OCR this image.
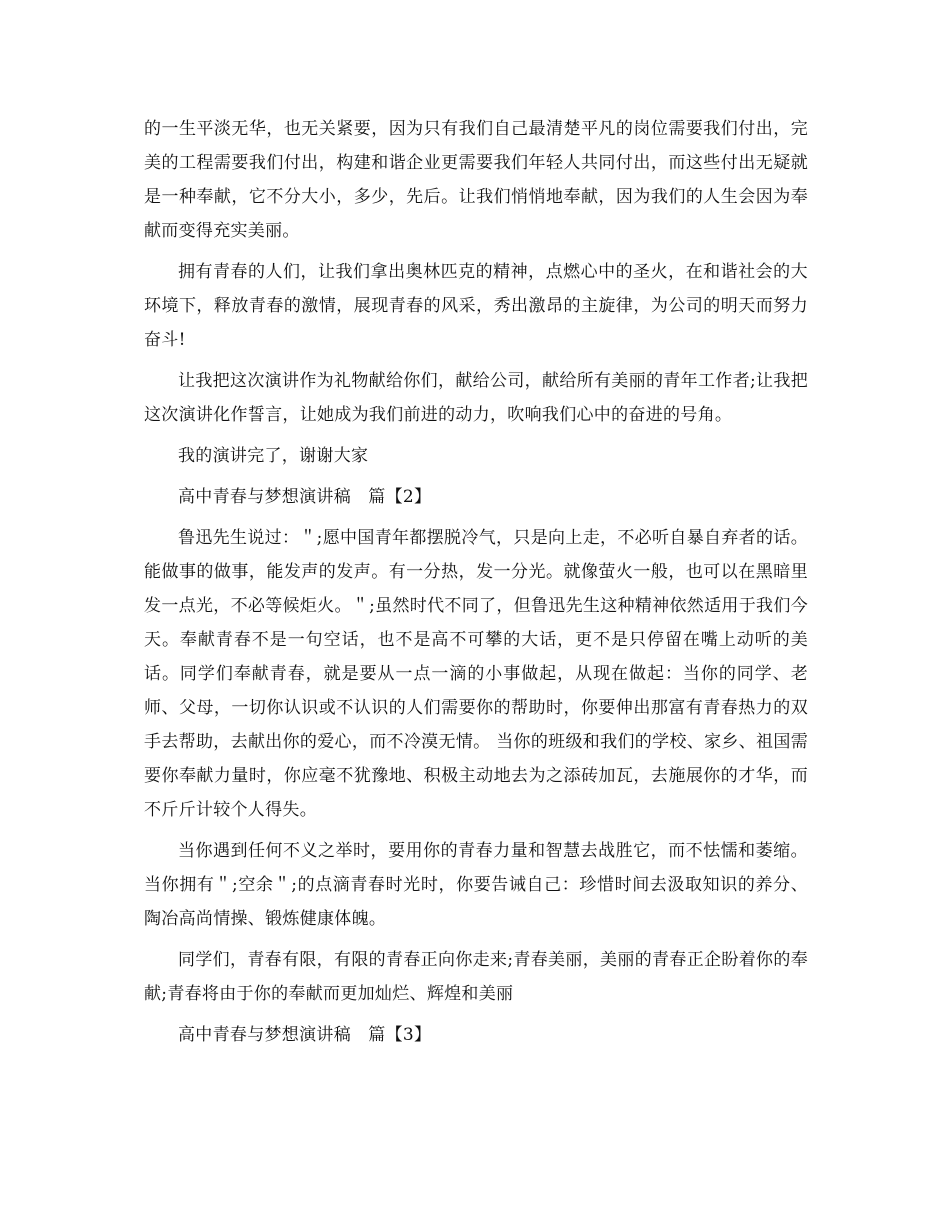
的一生平淡无华，也无关紧要，因为只有我们自己最清楚平凡的岗位需要我们付出，完美的工程需要我们付出，构建和谐企业更需要我们年轻人共同付出，而这些付出无疑就是一种奉献，它不分大小，多少，先后。让我们悄悄地奉献，因为我们的人生会因为奉献而变得充实美丽。

拥有青春的人们，让我们拿出奥林匹克的精神，点燃心中的圣火，在和谐社会的大环境下，释放青春的激情，展现青春的风采，秀出激昂的主旋律，为公司的明天而努力奋斗!

让我把这次演讲作为礼物献给你们，献给公司，献给所有美丽的青年工作者;让我把这次演讲化作誓言，让她成为我们前进的动力，吹响我们心中的奋进的号角。

我的演讲完了，谢谢大家

高中青春与梦想演讲稿　篇【2】

鲁迅先生说过：＂;愿中国青年都摆脱冷气，只是向上走，不必听自暴自弃者的话。能做事的做事，能发声的发声。有一分热，发一分光。就像萤火一般，也可以在黑暗里发一点光，不必等候炬火。＂;虽然时代不同了，但鲁迅先生这种精神依然适用于我们今天。奉献青春不是一句空话，也不是高不可攀的大话，更不是只停留在嘴上动听的美话。同学们奉献青春，就是要从一点一滴的小事做起，从现在做起：当你的同学、老师、父母，一切你认识或不认识的人们需要你的帮助时，你要伸出那富有青春热力的双手去帮助，去献出你的爱心，而不冷漠无情。 当你的班级和我们的学校、家乡、祖国需要你奉献力量时，你应毫不犹豫地、积极主动地去为之添砖加瓦，去施展你的才华，而不斤斤计较个人得失。

当你遇到任何不义之举时，要用你的青春力量和智慧去战胜它，而不怯懦和萎缩。当你拥有＂;空余＂;的点滴青春时光时，你要告诫自己：珍惜时间去汲取知识的养分、陶冶高尚情操、锻炼健康体魄。

同学们，青春有限，有限的青春正向你走来;青春美丽，美丽的青春正企盼着你的奉献;青春将由于你的奉献而更加灿烂、辉煌和美丽

高中青春与梦想演讲稿　篇【3】
